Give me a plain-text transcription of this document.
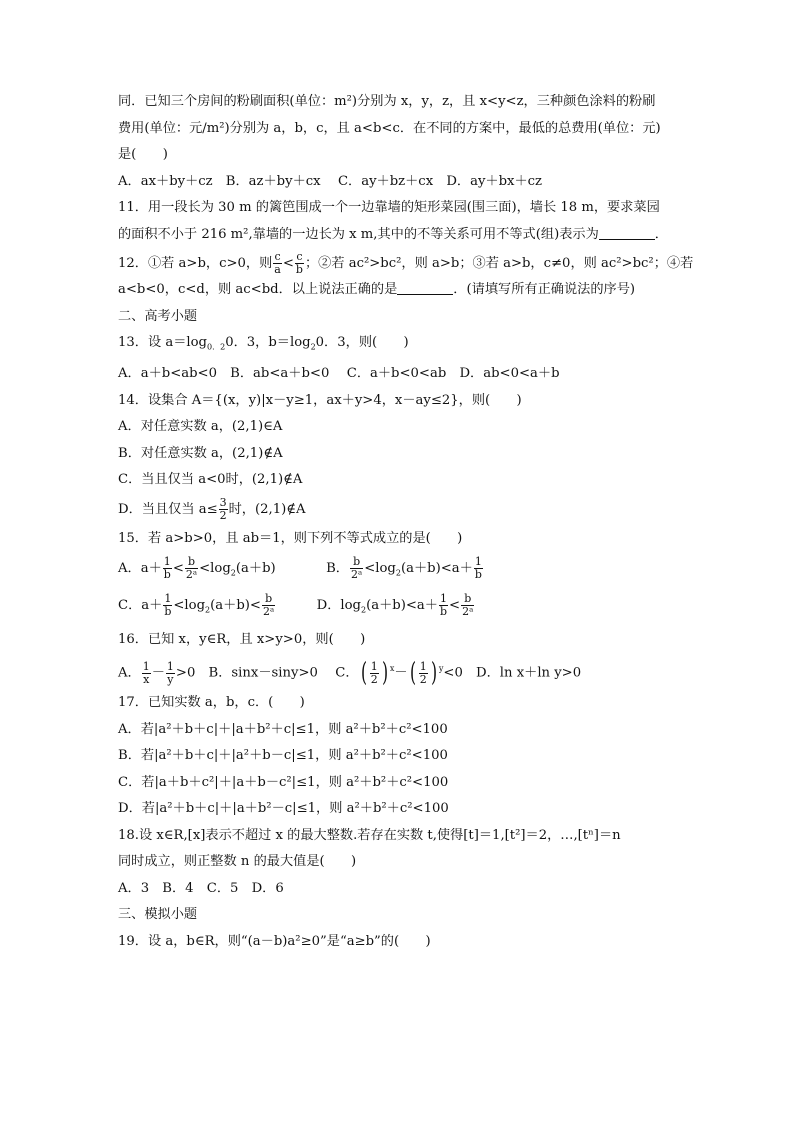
同．已知三个房间的粉刷面积(单位：m²)分别为 x，y，z，且 x<y<z，三种颜色涂料的粉刷
费用(单位：元/m²)分别为 a，b，c，且 a<b<c．在不同的方案中，最低的总费用(单位：元)
是(　　)
A．ax＋by＋cz　B．az＋by＋cx　 C．ay＋bz＋cx　D．ay＋bx＋cz
11．用一段长为 30 m 的篱笆围成一个一边靠墙的矩形菜园(围三面)，墙长 18 m，要求菜园
的面积不小于 216 m²,靠墙的一边长为 x m,其中的不等关系可用不等式(组)表示为	．
12．①若 a>b，c>0，则 $\frac{c}{a} < \frac{c}{b}$ ；②若 ac²>bc²，则 a>b；③若 a>b，c≠0，则 ac²>bc²；④若
a<b<0，c<d，则 ac<bd．以上说法正确的是	．(请填写所有正确说法的序号)
二、高考小题
13．设 $a=\log_{0.2}0$．3，$b=\log_20$．3，则(　　)
A．a＋b<ab<0　B．ab<a＋b<0　 C．a＋b<0<ab　D．ab<0<a＋b
14．设集合 A＝{(x，y)|x－y≥1，ax＋y>4，x－ay≤2}，则(　　)
A．对任意实数 a，(2,1)∈A
B．对任意实数 a，(2,1)∉A
C．当且仅当 a<0时，(2,1)∉A
D．当且仅当 $a\le \frac{3}{2}$ 时，(2,1)∉A
15．若 a>b>0，且 ab＝1，则下列不等式成立的是(　　)
A．$a+ \frac{1}{b} < \frac{b}{\text{2ᵃ}} <\log_2(a+b)$	B． $\frac{b}{\text{2ᵃ}} <\log_2(a+b)<a+ \frac{1}{b}$
C．$a+ \frac{1}{b} <\log_2(a+b)< \frac{b}{\text{2ᵃ}}$	D．$\log_2(a+b)<a+ \frac{1}{b} < \frac{b}{\text{2ᵃ}}$
16．已知 x，y∈R，且 x>y>0，则(　　)
A． $\frac{1}{x} - \frac{1}{y} >0$　B．sinx－siny>0　 C．( $\frac{1}{2}$ ) $^x-( \frac{1}{2}$ ) $^y$<0　D．ln x＋ln y>0
17．已知实数 a，b，c．(　　)
A．若|a²＋b＋c|＋|a＋b²＋c|≤1，则 a²＋b²＋c²<100
B．若|a²＋b＋c|＋|a²＋b－c|≤1，则 a²＋b²＋c²<100
C．若|a＋b＋c²|＋|a＋b－c²|≤1，则 a²＋b²＋c²<100
D．若|a²＋b＋c|＋|a＋b²－c|≤1，则 a²＋b²＋c²<100
18.设 x∈R,[x]表示不超过 x 的最大整数.若存在实数 t,使得[t]＝1,[t²]＝2，…,[tⁿ]＝n
同时成立，则正整数 n 的最大值是(　　)
A．3　B．4　C．5　D．6
三、模拟小题
19．设 a，b∈R，则“(a－b)a²≥0”是“a≥b”的(　　)
